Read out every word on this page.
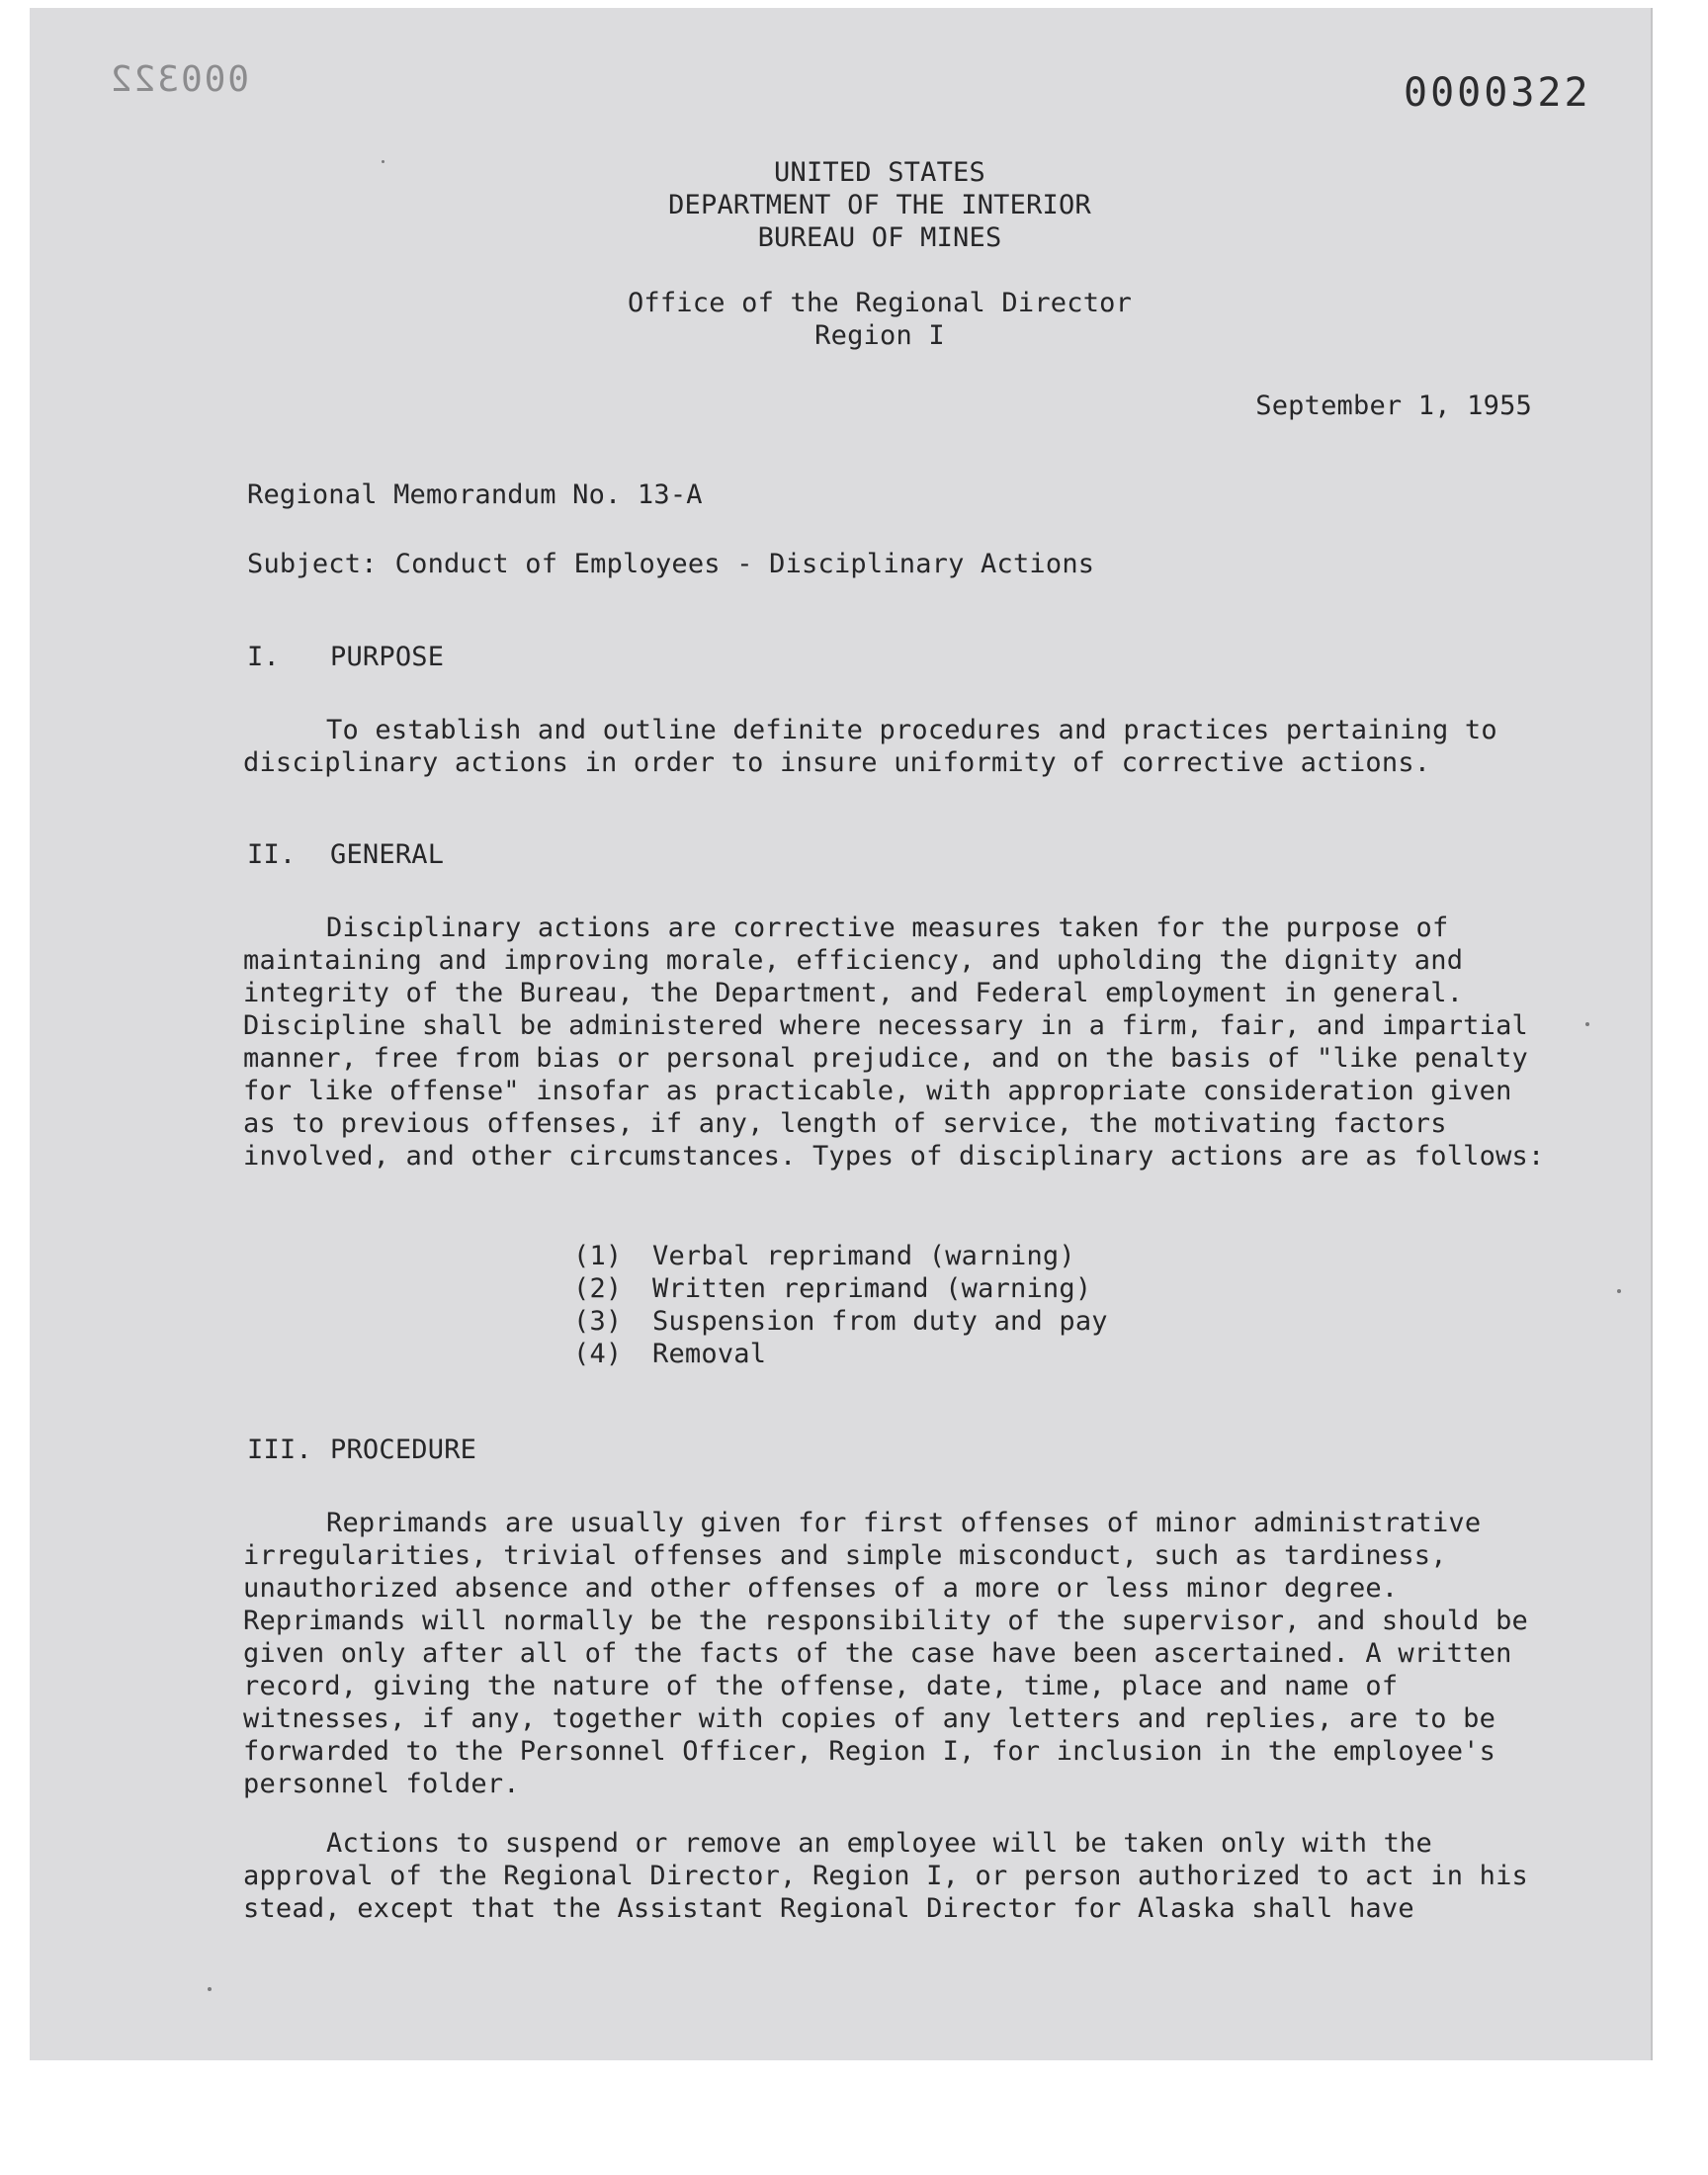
000322	0000322
UNITED STATES
DEPARTMENT OF THE INTERIOR
BUREAU OF MINES
Office of the Regional Director
Region I
September 1, 1955
Regional Memorandum No. 13-A
Subject: Conduct of Employees - Disciplinary Actions
I. PURPOSE
To establish and outline definite procedures and practices pertaining to disciplinary actions in order to insure uniformity of corrective actions.
II. GENERAL
Disciplinary actions are corrective measures taken for the purpose of maintaining and improving morale, efficiency, and upholding the dignity and integrity of the Bureau, the Department, and Federal employment in general. Discipline shall be administered where necessary in a firm, fair, and impartial manner, free from bias or personal prejudice, and on the basis of "like penalty for like offense" insofar as practicable, with appropriate consideration given as to previous offenses, if any, length of service, the motivating factors involved, and other circumstances. Types of disciplinary actions are as follows:
(1) Verbal reprimand (warning)
(2) Written reprimand (warning)
(3) Suspension from duty and pay
(4) Removal
III. PROCEDURE
Reprimands are usually given for first offenses of minor administrative irregularities, trivial offenses and simple misconduct, such as tardiness, unauthorized absence and other offenses of a more or less minor degree. Reprimands will normally be the responsibility of the supervisor, and should be given only after all of the facts of the case have been ascertained. A written record, giving the nature of the offense, date, time, place and name of witnesses, if any, together with copies of any letters and replies, are to be forwarded to the Personnel Officer, Region I, for inclusion in the employee's personnel folder.
Actions to suspend or remove an employee will be taken only with the approval of the Regional Director, Region I, or person authorized to act in his stead, except that the Assistant Regional Director for Alaska shall have
